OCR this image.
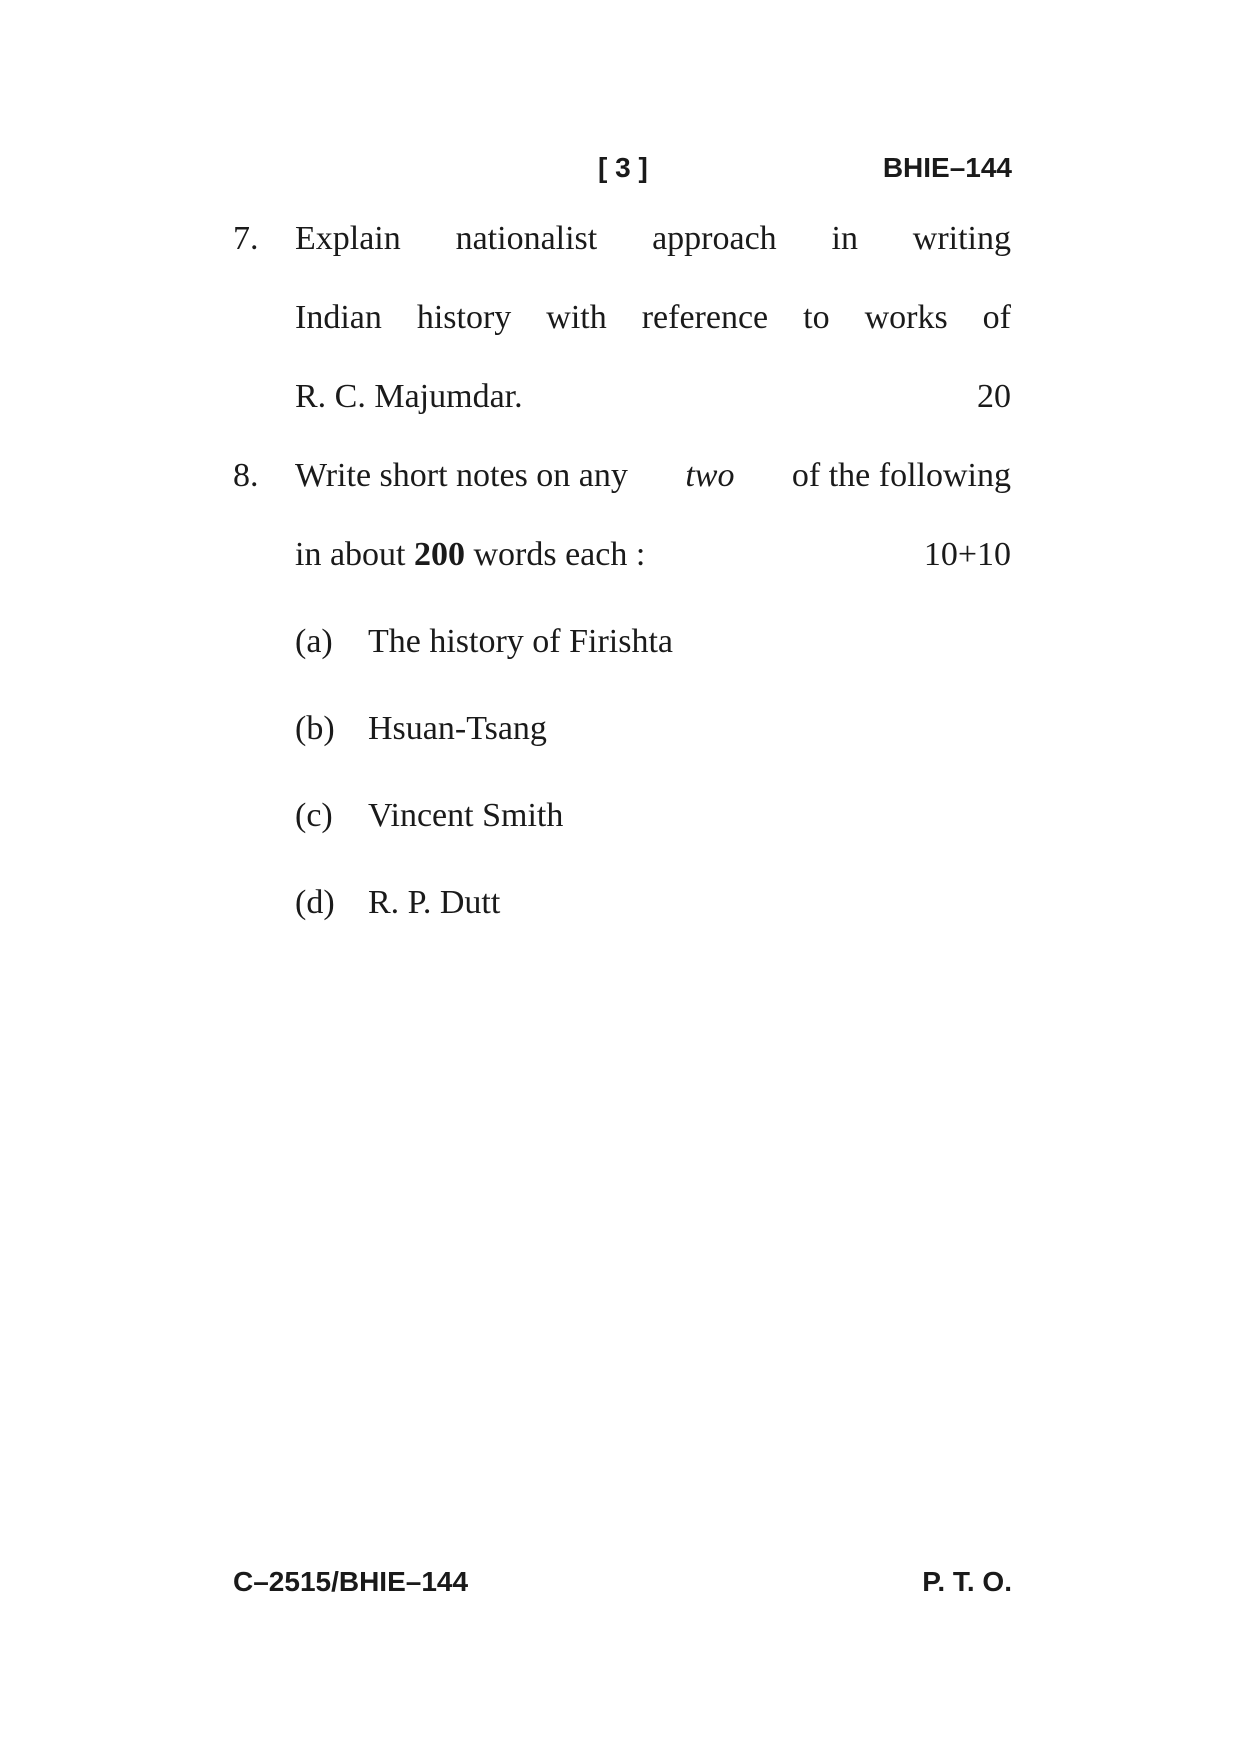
[ 3 ]	BHIE–144
7. Explain nationalist approach in writing
Indian history with reference to works of
R. C. Majumdar.	20
8. Write short notes on any two of the following
in about 200 words each :	10+10
(a) The history of Firishta
(b) Hsuan-Tsang
(c) Vincent Smith
(d) R. P. Dutt
C–2515/BHIE–144	P. T. O.
